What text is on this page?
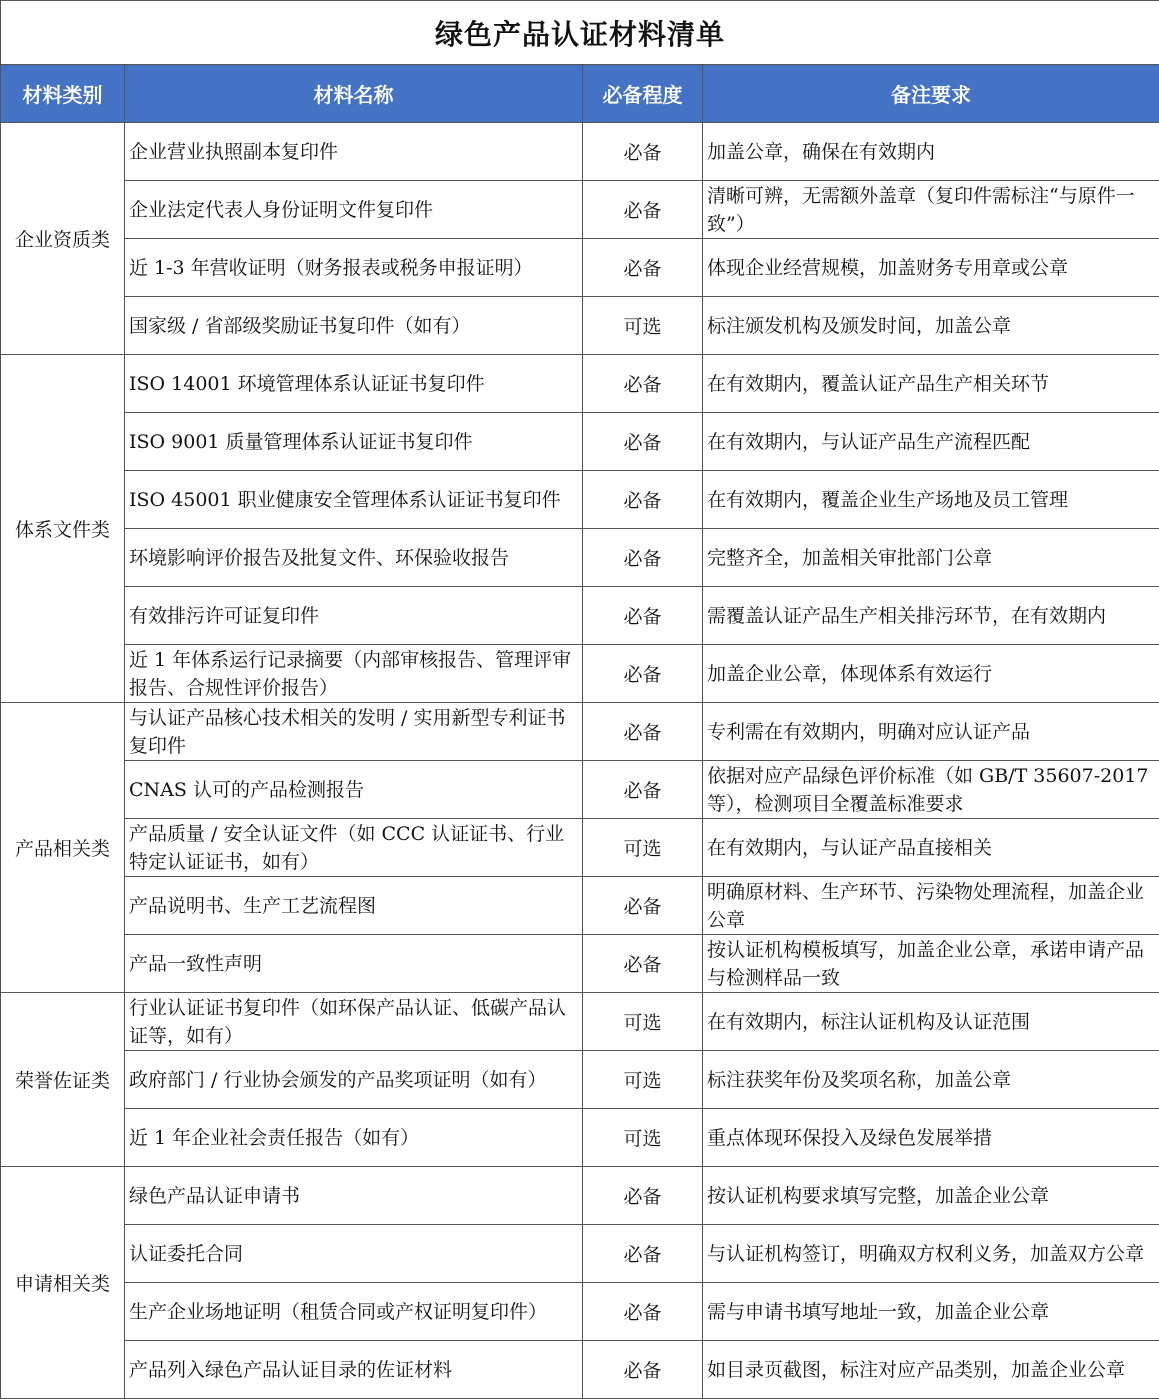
绿色产品认证材料清单			
材料类别	材料名称	必备程度	备注要求
企业资质类	企业营业执照副本复印件	必备	加盖公章，确保在有效期内
	企业法定代表人身份证明文件复印件	必备	清晰可辨，无需额外盖章（复印件需标注“与原件一致”）
	近 1-3 年营收证明（财务报表或税务申报证明）	必备	体现企业经营规模，加盖财务专用章或公章
	国家级 / 省部级奖励证书复印件（如有）	可选	标注颁发机构及颁发时间，加盖公章
体系文件类	ISO 14001 环境管理体系认证证书复印件	必备	在有效期内，覆盖认证产品生产相关环节
	ISO 9001 质量管理体系认证证书复印件	必备	在有效期内，与认证产品生产流程匹配
	ISO 45001 职业健康安全管理体系认证证书复印件	必备	在有效期内，覆盖企业生产场地及员工管理
	环境影响评价报告及批复文件、环保验收报告	必备	完整齐全，加盖相关审批部门公章
	有效排污许可证复印件	必备	需覆盖认证产品生产相关排污环节，在有效期内
	近 1 年体系运行记录摘要（内部审核报告、管理评审报告、合规性评价报告）	必备	加盖企业公章，体现体系有效运行
产品相关类	与认证产品核心技术相关的发明 / 实用新型专利证书复印件	必备	专利需在有效期内，明确对应认证产品
	CNAS 认可的产品检测报告	必备	依据对应产品绿色评价标准（如 GB/T 35607-2017 等），检测项目全覆盖标准要求
	产品质量 / 安全认证文件（如 CCC 认证证书、行业特定认证证书，如有）	可选	在有效期内，与认证产品直接相关
	产品说明书、生产工艺流程图	必备	明确原材料、生产环节、污染物处理流程，加盖企业公章
	产品一致性声明	必备	按认证机构模板填写，加盖企业公章，承诺申请产品与检测样品一致
荣誉佐证类	行业认证证书复印件（如环保产品认证、低碳产品认证等，如有）	可选	在有效期内，标注认证机构及认证范围
	政府部门 / 行业协会颁发的产品奖项证明（如有）	可选	标注获奖年份及奖项名称，加盖公章
	近 1 年企业社会责任报告（如有）	可选	重点体现环保投入及绿色发展举措
申请相关类	绿色产品认证申请书	必备	按认证机构要求填写完整，加盖企业公章
	认证委托合同	必备	与认证机构签订，明确双方权利义务，加盖双方公章
	生产企业场地证明（租赁合同或产权证明复印件）	必备	需与申请书填写地址一致，加盖企业公章
	产品列入绿色产品认证目录的佐证材料	必备	如目录页截图，标注对应产品类别，加盖企业公章
